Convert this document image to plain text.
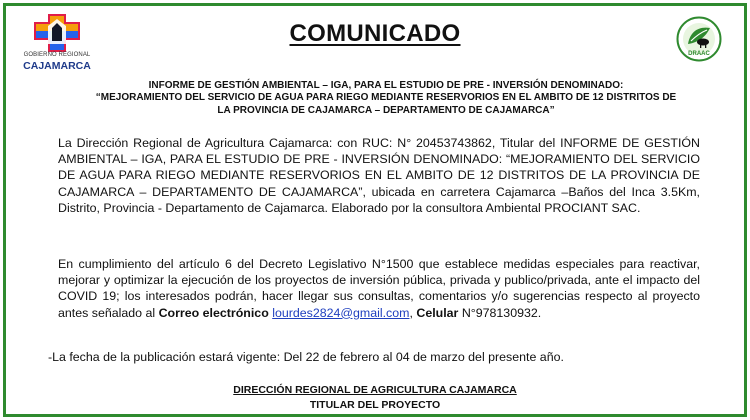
GOBIERNO REGIONAL
CAJAMARCA
COMUNICADO
DRAAC
INFORME DE GESTIÓN AMBIENTAL – IGA, PARA EL ESTUDIO DE PRE - INVERSIÓN DENOMINADO:
“MEJORAMIENTO DEL SERVICIO DE AGUA PARA RIEGO MEDIANTE RESERVORIOS EN EL AMBITO DE 12 DISTRITOS DE
LA PROVINCIA DE CAJAMARCA – DEPARTAMENTO DE CAJAMARCA”

La Dirección Regional de Agricultura Cajamarca: con RUC: N° 20453743862, Titular del INFORME DE GESTIÓN AMBIENTAL – IGA, PARA EL ESTUDIO DE PRE - INVERSIÓN DENOMINADO: “MEJORAMIENTO DEL SERVICIO DE AGUA PARA RIEGO MEDIANTE RESERVORIOS EN EL AMBITO DE 12 DISTRITOS DE LA PROVINCIA DE CAJAMARCA – DEPARTAMENTO DE CAJAMARCA”, ubicada en carretera Cajamarca –Baños del Inca 3.5Km, Distrito, Provincia - Departamento de Cajamarca. Elaborado por la consultora Ambiental PROCIANT SAC.

En cumplimiento del artículo 6 del Decreto Legislativo N°1500 que establece medidas especiales para reactivar, mejorar y optimizar la ejecución de los proyectos de inversión pública, privada y publico/privada, ante el impacto del COVID 19; los interesados podrán, hacer llegar sus consultas, comentarios y/o sugerencias respecto al proyecto antes señalado al Correo electrónico lourdes2824@gmail.com, Celular N°978130932.

-La fecha de la publicación estará vigente: Del 22 de febrero al 04 de marzo del presente año.

DIRECCIÓN REGIONAL DE AGRICULTURA CAJAMARCA
TITULAR DEL PROYECTO
